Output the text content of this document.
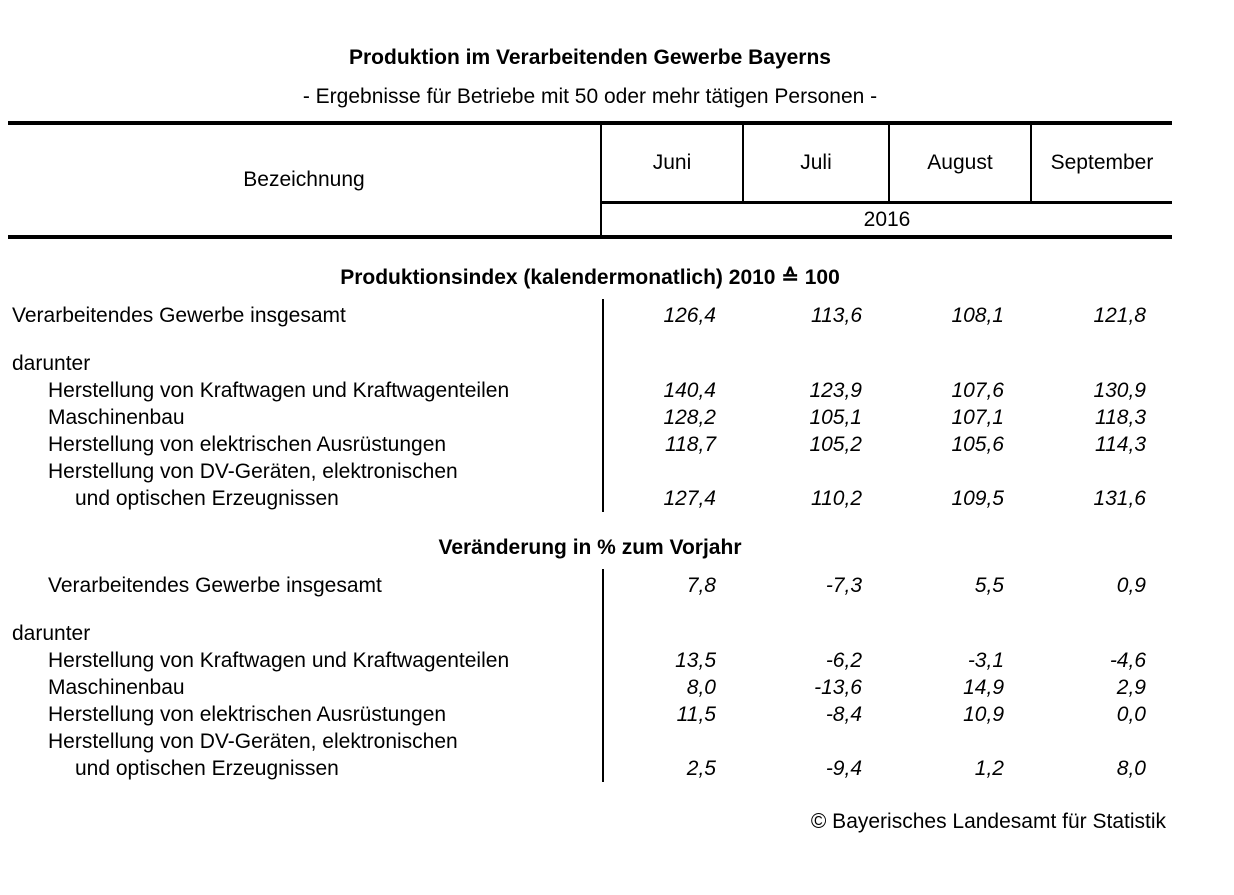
Produktion im Verarbeitenden Gewerbe Bayerns
- Ergebnisse für Betriebe mit 50 oder mehr tätigen Personen -
Bezeichnung
Juni	Juli	August	September
2016
Produktionsindex (kalendermonatlich) 2010 ≙ 100
Verarbeitendes Gewerbe insgesamt	126,4	113,6	108,1	121,8
darunter
Herstellung von Kraftwagen und Kraftwagenteilen	140,4	123,9	107,6	130,9
Maschinenbau	128,2	105,1	107,1	118,3
Herstellung von elektrischen Ausrüstungen	118,7	105,2	105,6	114,3
Herstellung von DV-Geräten, elektronischen
und optischen Erzeugnissen	127,4	110,2	109,5	131,6
Veränderung in % zum Vorjahr
Verarbeitendes Gewerbe insgesamt	7,8	-7,3	5,5	0,9
darunter
Herstellung von Kraftwagen und Kraftwagenteilen	13,5	-6,2	-3,1	-4,6
Maschinenbau	8,0	-13,6	14,9	2,9
Herstellung von elektrischen Ausrüstungen	11,5	-8,4	10,9	0,0
Herstellung von DV-Geräten, elektronischen
und optischen Erzeugnissen	2,5	-9,4	1,2	8,0
© Bayerisches Landesamt für Statistik
